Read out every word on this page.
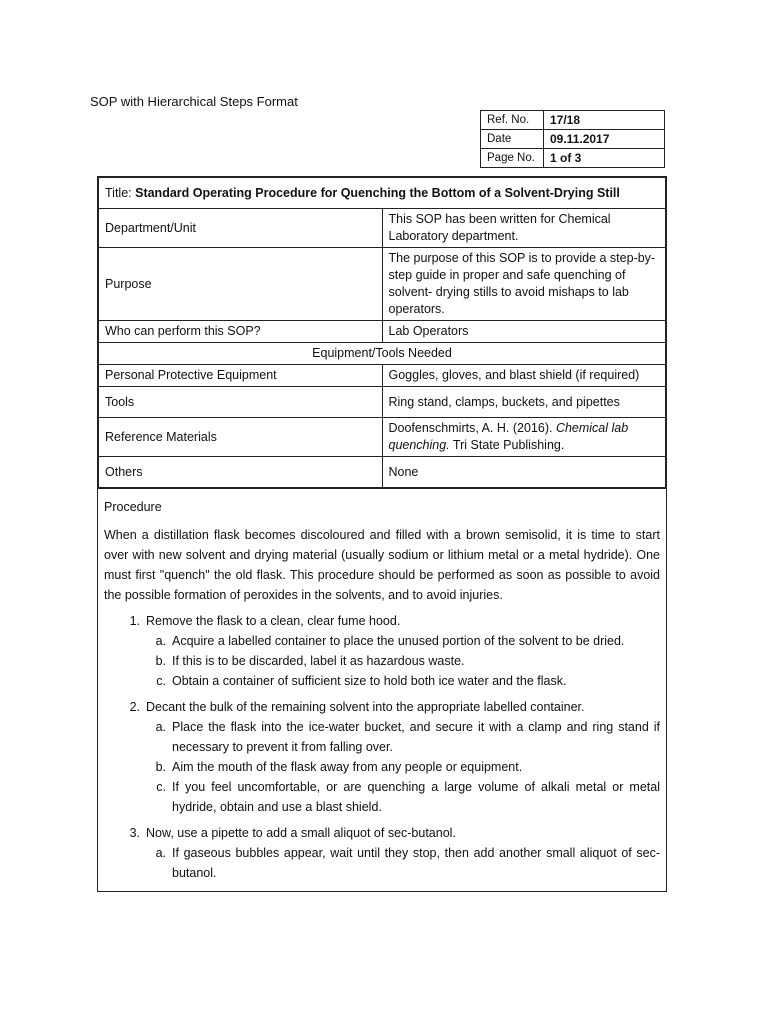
SOP with Hierarchical Steps Format
Ref. No.	17/18
Date	09.11.2017
Page No.	1 of 3
Title: Standard Operating Procedure for Quenching the Bottom of a Solvent-Drying Still	
Department/Unit	This SOP has been written for Chemical Laboratory department.
Purpose	The purpose of this SOP is to provide a step-by-step guide in proper and safe quenching of solvent- drying stills to avoid mishaps to lab operators.
Who can perform this SOP?	Lab Operators
Equipment/Tools Needed	
Personal Protective Equipment	Goggles, gloves, and blast shield (if required)
Tools	Ring stand, clamps, buckets, and pipettes
Reference Materials	Doofenschmirts, A. H. (2016). Chemical lab quenching. Tri State Publishing.
Others	None
Procedure

When a distillation flask becomes discoloured and filled with a brown semisolid, it is time to start over with new solvent and drying material (usually sodium or lithium metal or a metal hydride). One must first "quench" the old flask. This procedure should be performed as soon as possible to avoid the possible formation of peroxides in the solvents, and to avoid injuries.

1. Remove the flask to a clean, clear fume hood.
a. Acquire a labelled container to place the unused portion of the solvent to be dried.
b. If this is to be discarded, label it as hazardous waste.
c. Obtain a container of sufficient size to hold both ice water and the flask.
2. Decant the bulk of the remaining solvent into the appropriate labelled container.
a. Place the flask into the ice-water bucket, and secure it with a clamp and ring stand if necessary to prevent it from falling over.
b. Aim the mouth of the flask away from any people or equipment.
c. If you feel uncomfortable, or are quenching a large volume of alkali metal or metal hydride, obtain and use a blast shield.
3. Now, use a pipette to add a small aliquot of sec-butanol.
a. If gaseous bubbles appear, wait until they stop, then add another small aliquot of sec-butanol.
